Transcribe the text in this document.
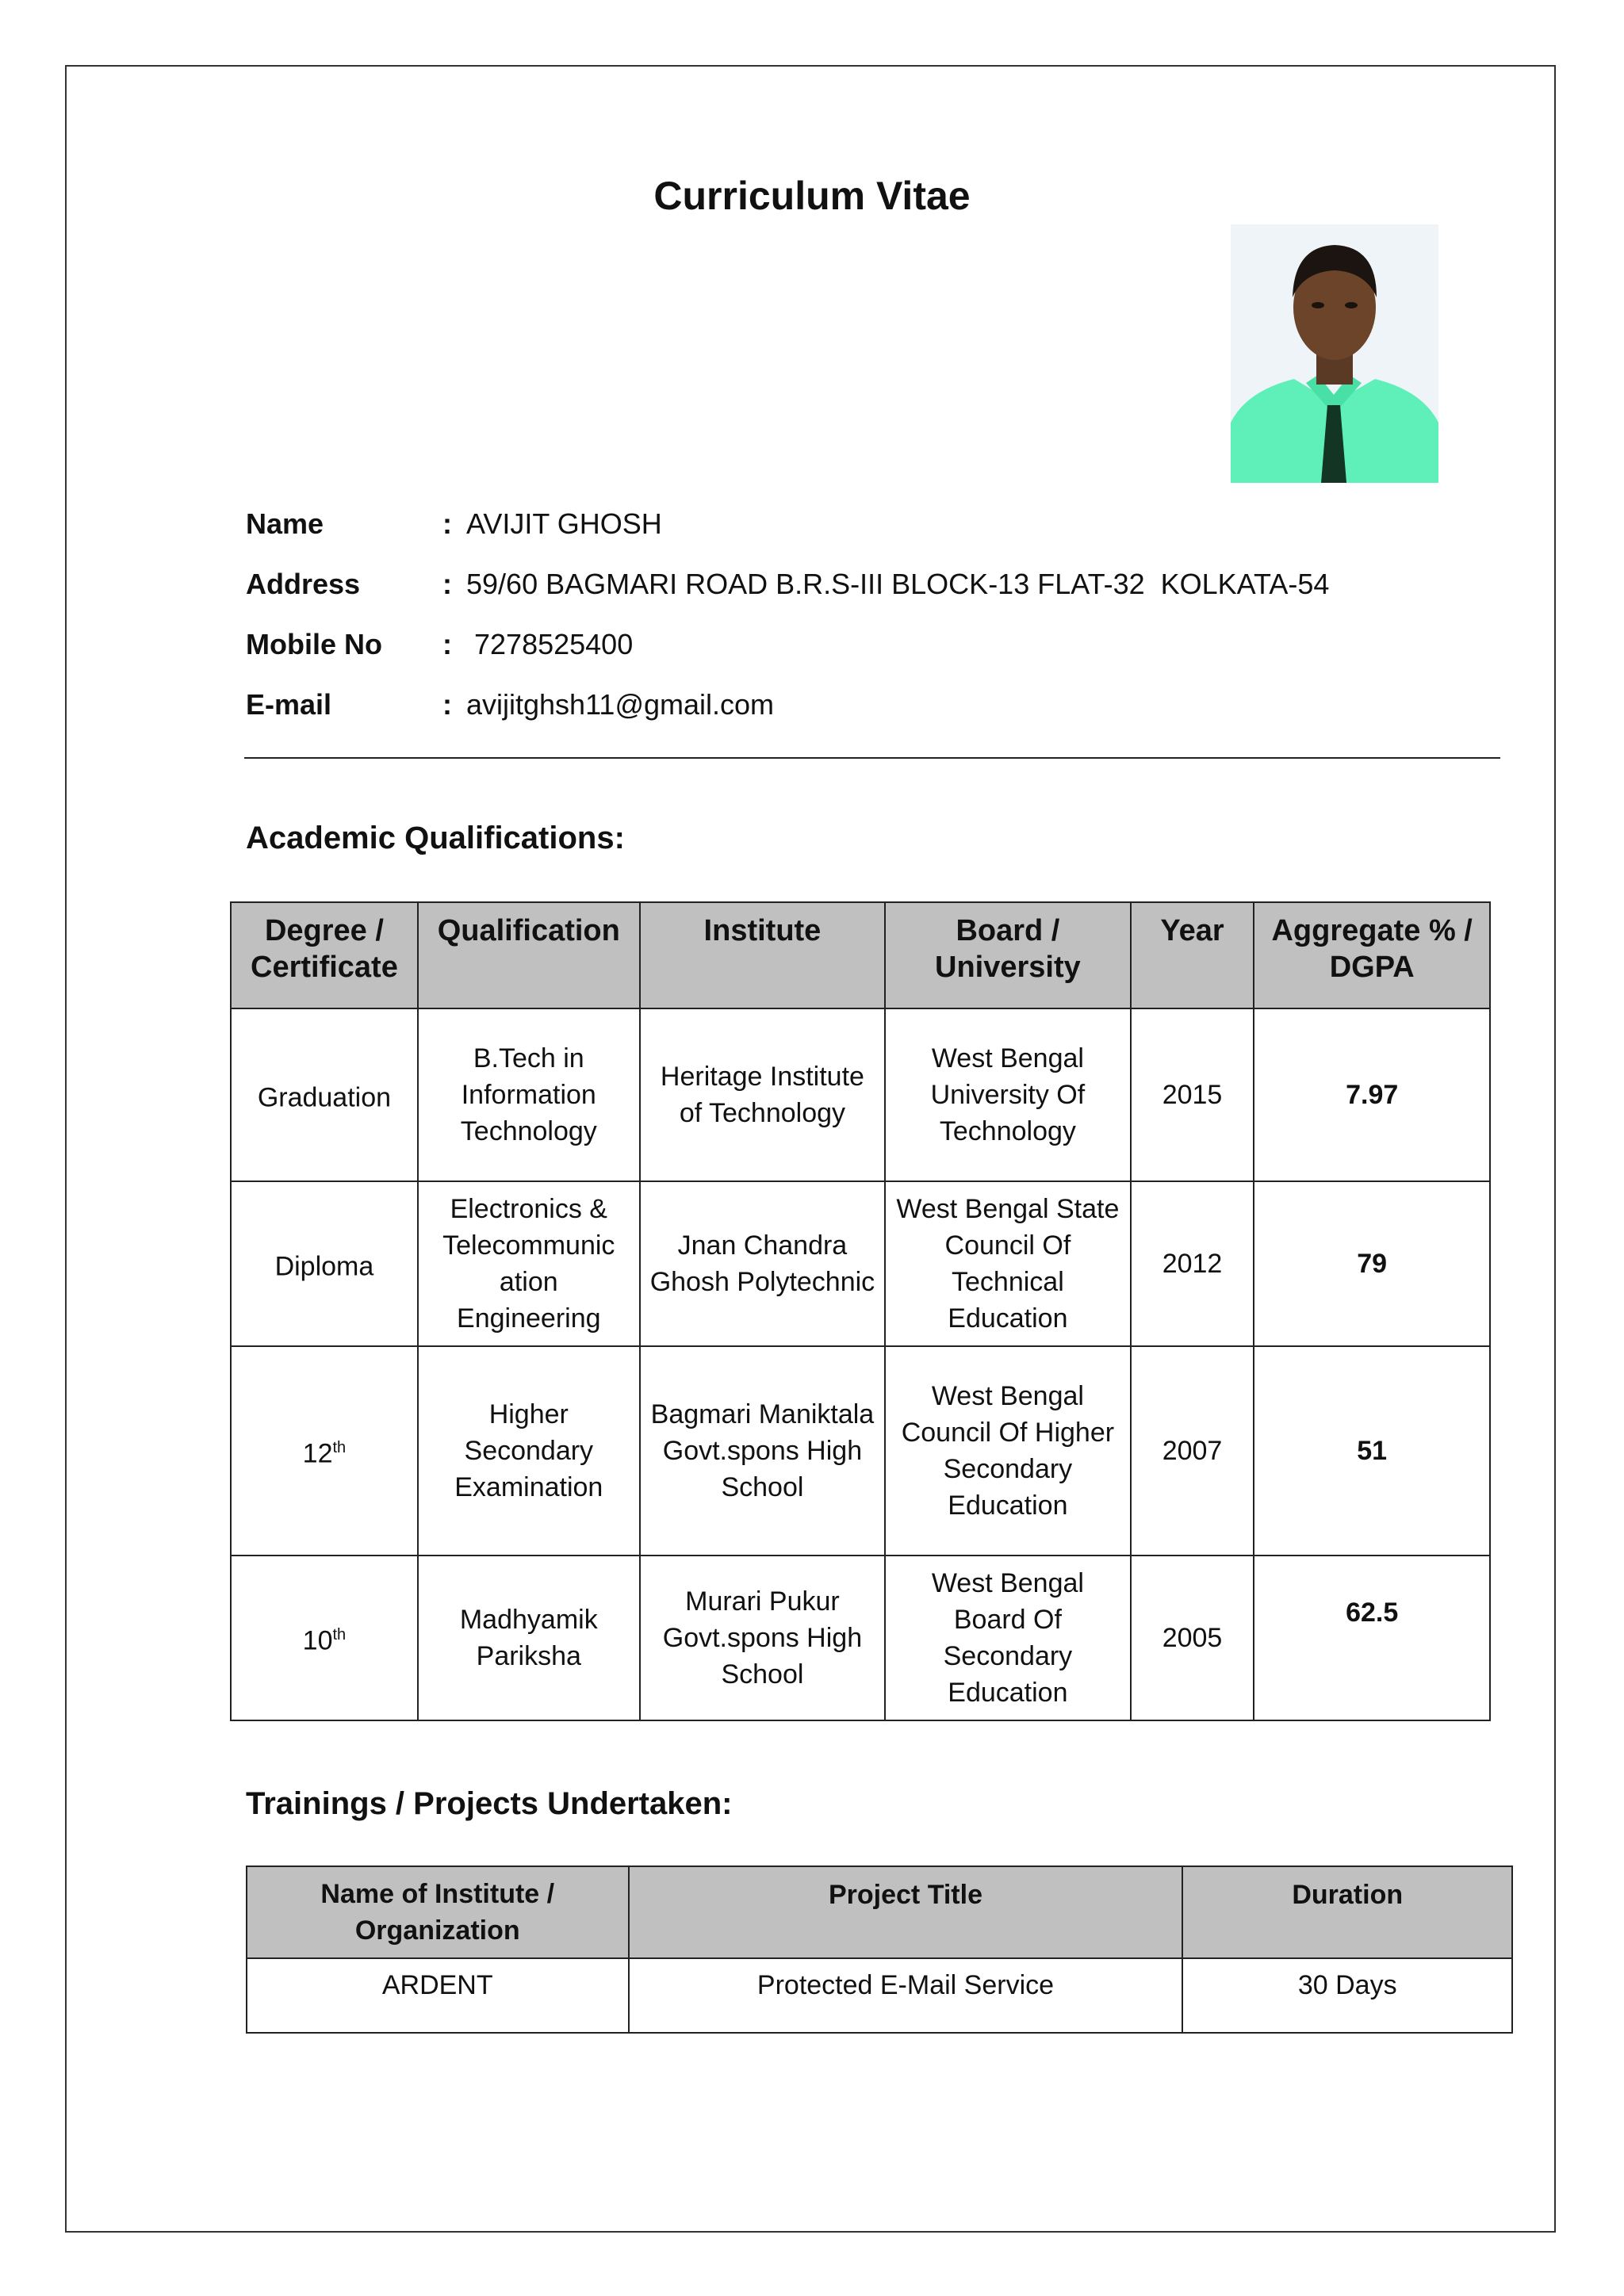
Curriculum Vitae
Name	: AVIJIT GHOSH
Address	: 59/60 BAGMARI ROAD B.R.S-III BLOCK-13 FLAT-32  KOLKATA-54
Mobile No : 7278525400
E-mail	: avijitghsh11@gmail.com
Academic Qualifications:
Degree / Certificate	Qualification	Institute	Board / University	Year	Aggregate % / DGPA
Graduation	B.Tech in Information Technology	Heritage Institute of Technology	West Bengal University Of Technology	2015	7.97
Diploma	Electronics & Telecommunic ation Engineering	Jnan Chandra Ghosh Polytechnic	West Bengal State Council Of Technical Education	2012	79
12th	Higher Secondary Examination	Bagmari Maniktala Govt.spons High School	West Bengal Council Of Higher Secondary Education	2007	51
10th	Madhyamik Pariksha	Murari Pukur Govt.spons High School	West Bengal Board Of Secondary Education	2005	62.5
Trainings / Projects Undertaken:
Name of Institute / Organization	Project Title	Duration
ARDENT	Protected E-Mail Service	30 Days
